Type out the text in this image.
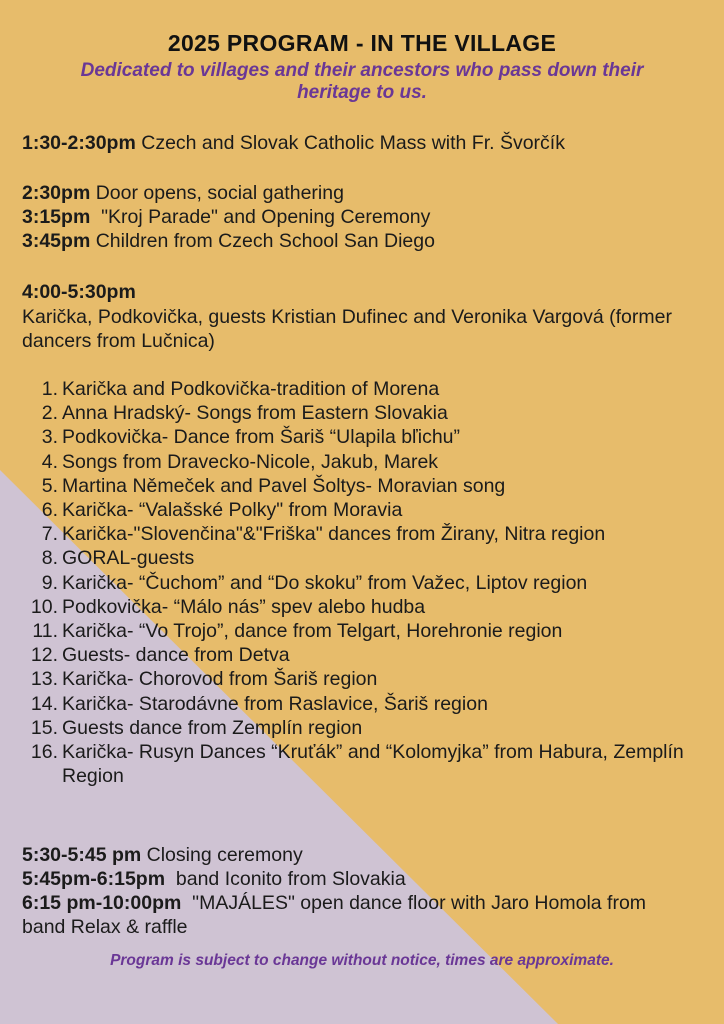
2025 PROGRAM - IN THE VILLAGE
Dedicated to villages and their ancestors who pass down their heritage to us.
1:30-2:30pm Czech and Slovak Catholic Mass with Fr. Švorčík
2:30pm Door opens, social gathering
3:15pm  "Kroj Parade" and Opening Ceremony
3:45pm Children from Czech School San Diego
4:00-5:30pm
Karička, Podkovička, guests Kristian Dufinec and Veronika Vargová (former dancers from Lučnica)
1. Karička and Podkovička-tradition of Morena
2. Anna Hradský- Songs from Eastern Slovakia
3. Podkovička- Dance from Šariš “Ulapila bľichu”
4. Songs from Dravecko-Nicole, Jakub, Marek
5. Martina Němeček and Pavel Šoltys- Moravian song
6. Karička- “Valašské Polky" from Moravia
7. Karička-"Slovenčina"&"Friška" dances from Žirany, Nitra region
8. GORAL-guests
9. Karička- “Čuchom” and “Do skoku” from Važec, Liptov region
10. Podkovička- “Málo nás” spev alebo hudba
11. Karička- “Vo Trojo”, dance from Telgart, Horehronie region
12. Guests- dance from Detva
13. Karička- Chorovod from Šariš region
14. Karička- Starodávne from Raslavice, Šariš region
15. Guests dance from Zemplín region
16. Karička- Rusyn Dances “Kruťák” and “Kolomyjka” from Habura, Zemplín Region
5:30-5:45 pm Closing ceremony
5:45pm-6:15pm  band Iconito from Slovakia
6:15 pm-10:00pm  "MAJÁLES" open dance floor with Jaro Homola from band Relax & raffle
Program is subject to change without notice, times are approximate.
